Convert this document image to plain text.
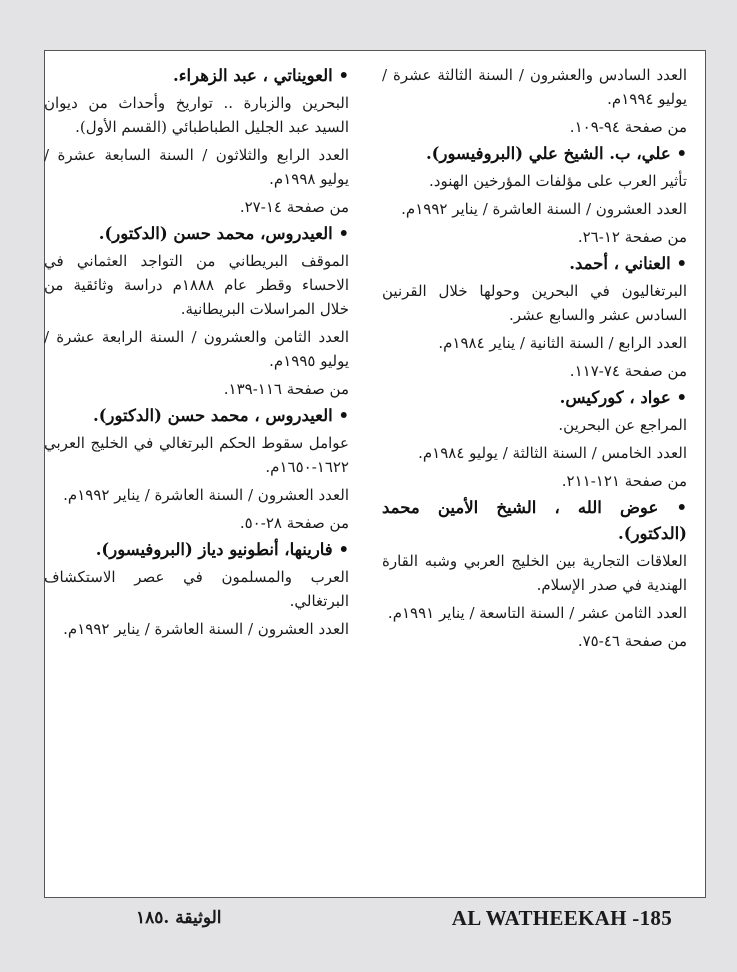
العدد السادس والعشرون / السنة الثالثة عشرة / يوليو ١٩٩٤م.

من صفحة ٩٤-١٠٩.

• علي، ب. الشيخ علي (البروفيسور).

تأثير العرب على مؤلفات المؤرخين الهنود.

العدد العشرون / السنة العاشرة / يناير ١٩٩٢م.

من صفحة ١٢-٢٦.

• العناني ، أحمد.

البرتغاليون في البحرين وحولها خلال القرنين السادس عشر والسابع عشر.

العدد الرابع / السنة الثانية / يناير ١٩٨٤م.

من صفحة ٧٤-١١٧.

• عواد ، كوركيس.

المراجع عن البحرين.

العدد الخامس / السنة الثالثة / يوليو ١٩٨٤م.

من صفحة ١٢١-٢١١.

• عوض الله ، الشيخ الأمين محمد (الدكتور).

العلاقات التجارية بين الخليج العربي وشبه القارة الهندية في صدر الإسلام.

العدد الثامن عشر / السنة التاسعة / يناير ١٩٩١م.

من صفحة ٤٦-٧٥.

• العويناتي ، عبد الزهراء.

البحرين والزبارة .. تواريخ وأحداث من ديوان السيد عبد الجليل الطباطبائي (القسم الأول).

العدد الرابع والثلاثون / السنة السابعة عشرة / يوليو ١٩٩٨م.

من صفحة ١٤-٢٧.

• العيدروس، محمد حسن (الدكتور).

الموقف البريطاني من التواجد العثماني في الاحساء وقطر عام ١٨٨٨م دراسة وثائقية من خلال المراسلات البريطانية.

العدد الثامن والعشرون / السنة الرابعة عشرة / يوليو ١٩٩٥م.

من صفحة ١١٦-١٣٩.

• العيدروس ، محمد حسن (الدكتور).

عوامل سقوط الحكم البرتغالي في الخليج العربي ١٦٢٢-١٦٥٠م.

العدد العشرون / السنة العاشرة / يناير ١٩٩٢م.

من صفحة ٢٨-٥٠.

• فارينها، أنطونيو دياز (البروفيسور).

العرب والمسلمون في عصر الاستكشاف البرتغالي.

العدد العشرون / السنة العاشرة / يناير ١٩٩٢م.

AL WATHEEKAH -185
الوثيقة .١٨٥
